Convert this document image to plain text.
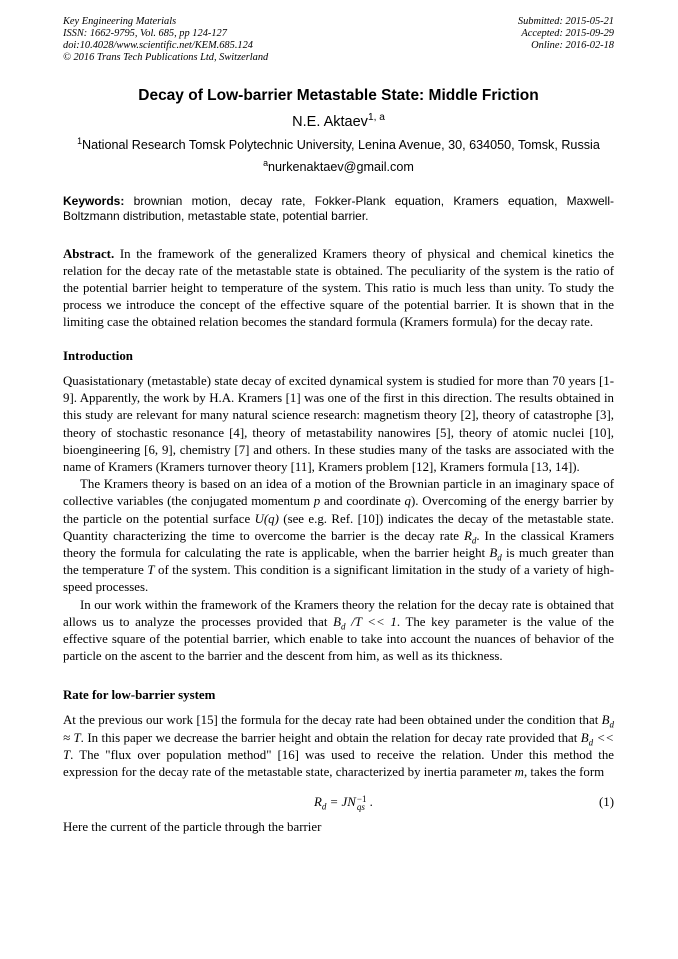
Key Engineering Materials
ISSN: 1662-9795, Vol. 685, pp 124-127
doi:10.4028/www.scientific.net/KEM.685.124
© 2016 Trans Tech Publications Ltd, Switzerland
Submitted: 2015-05-21
Accepted: 2015-09-29
Online: 2016-02-18
Decay of Low-barrier Metastable State: Middle Friction
N.E. Aktaev$^{1, a}$
$^1$National Research Tomsk Polytechnic University, Lenina Avenue, 30, 634050, Tomsk, Russia
$^a$nurkenaktaev@gmail.com
Keywords: brownian motion, decay rate, Fokker-Plank equation, Kramers equation, Maxwell-Boltzmann distribution, metastable state, potential barrier.
Abstract. In the framework of the generalized Kramers theory of physical and chemical kinetics the relation for the decay rate of the metastable state is obtained. The peculiarity of the system is the ratio of the potential barrier height to temperature of the system. This ratio is much less than unity. To study the process we introduce the concept of the effective square of the potential barrier. It is shown that in the limiting case the obtained relation becomes the standard formula (Kramers formula) for the decay rate.
Introduction

Quasistationary (metastable) state decay of excited dynamical system is studied for more than 70 years [1-9]. Apparently, the work by H.A. Kramers [1] was one of the first in this direction. The results obtained in this study are relevant for many natural science research: magnetism theory [2], theory of catastrophe [3], theory of stochastic resonance [4], theory of metastability nanowires [5], theory of atomic nuclei [10], bioengineering [6, 9], chemistry [7] and others. In these studies many of the tasks are associated with the name of Kramers (Kramers turnover theory [11], Kramers problem [12], Kramers formula [13, 14]).

The Kramers theory is based on an idea of a motion of the Brownian particle in an imaginary space of collective variables (the conjugated momentum p and coordinate q). Overcoming of the energy barrier by the particle on the potential surface U(q) (see e.g. Ref. [10]) indicates the decay of the metastable state. Quantity characterizing the time to overcome the barrier is the decay rate $R_d$. In the classical Kramers theory the formula for calculating the rate is applicable, when the barrier height $B_d$ is much greater than the temperature T of the system. This condition is a significant limitation in the study of a variety of high-speed processes.

In our work within the framework of the Kramers theory the relation for the decay rate is obtained that allows us to analyze the processes provided that $B_d$ /T << 1. The key parameter is the value of the effective square of the potential barrier, which enable to take into account the nuances of behavior of the particle on the ascent to the barrier and the descent from him, as well as its thickness.

Rate for low-barrier system

At the previous our work [15] the formula for the decay rate had been obtained under the condition that $B_d \approx T$. In this paper we decrease the barrier height and obtain the relation for decay rate provided that $B_d << T$. The "flux over population method" [16] was used to receive the relation. Under this method the expression for the decay rate of the metastable state, characterized by inertia parameter m, takes the form

$R_d$ = JN −1
qs .	(1)

Here the current of the particle through the barrier
